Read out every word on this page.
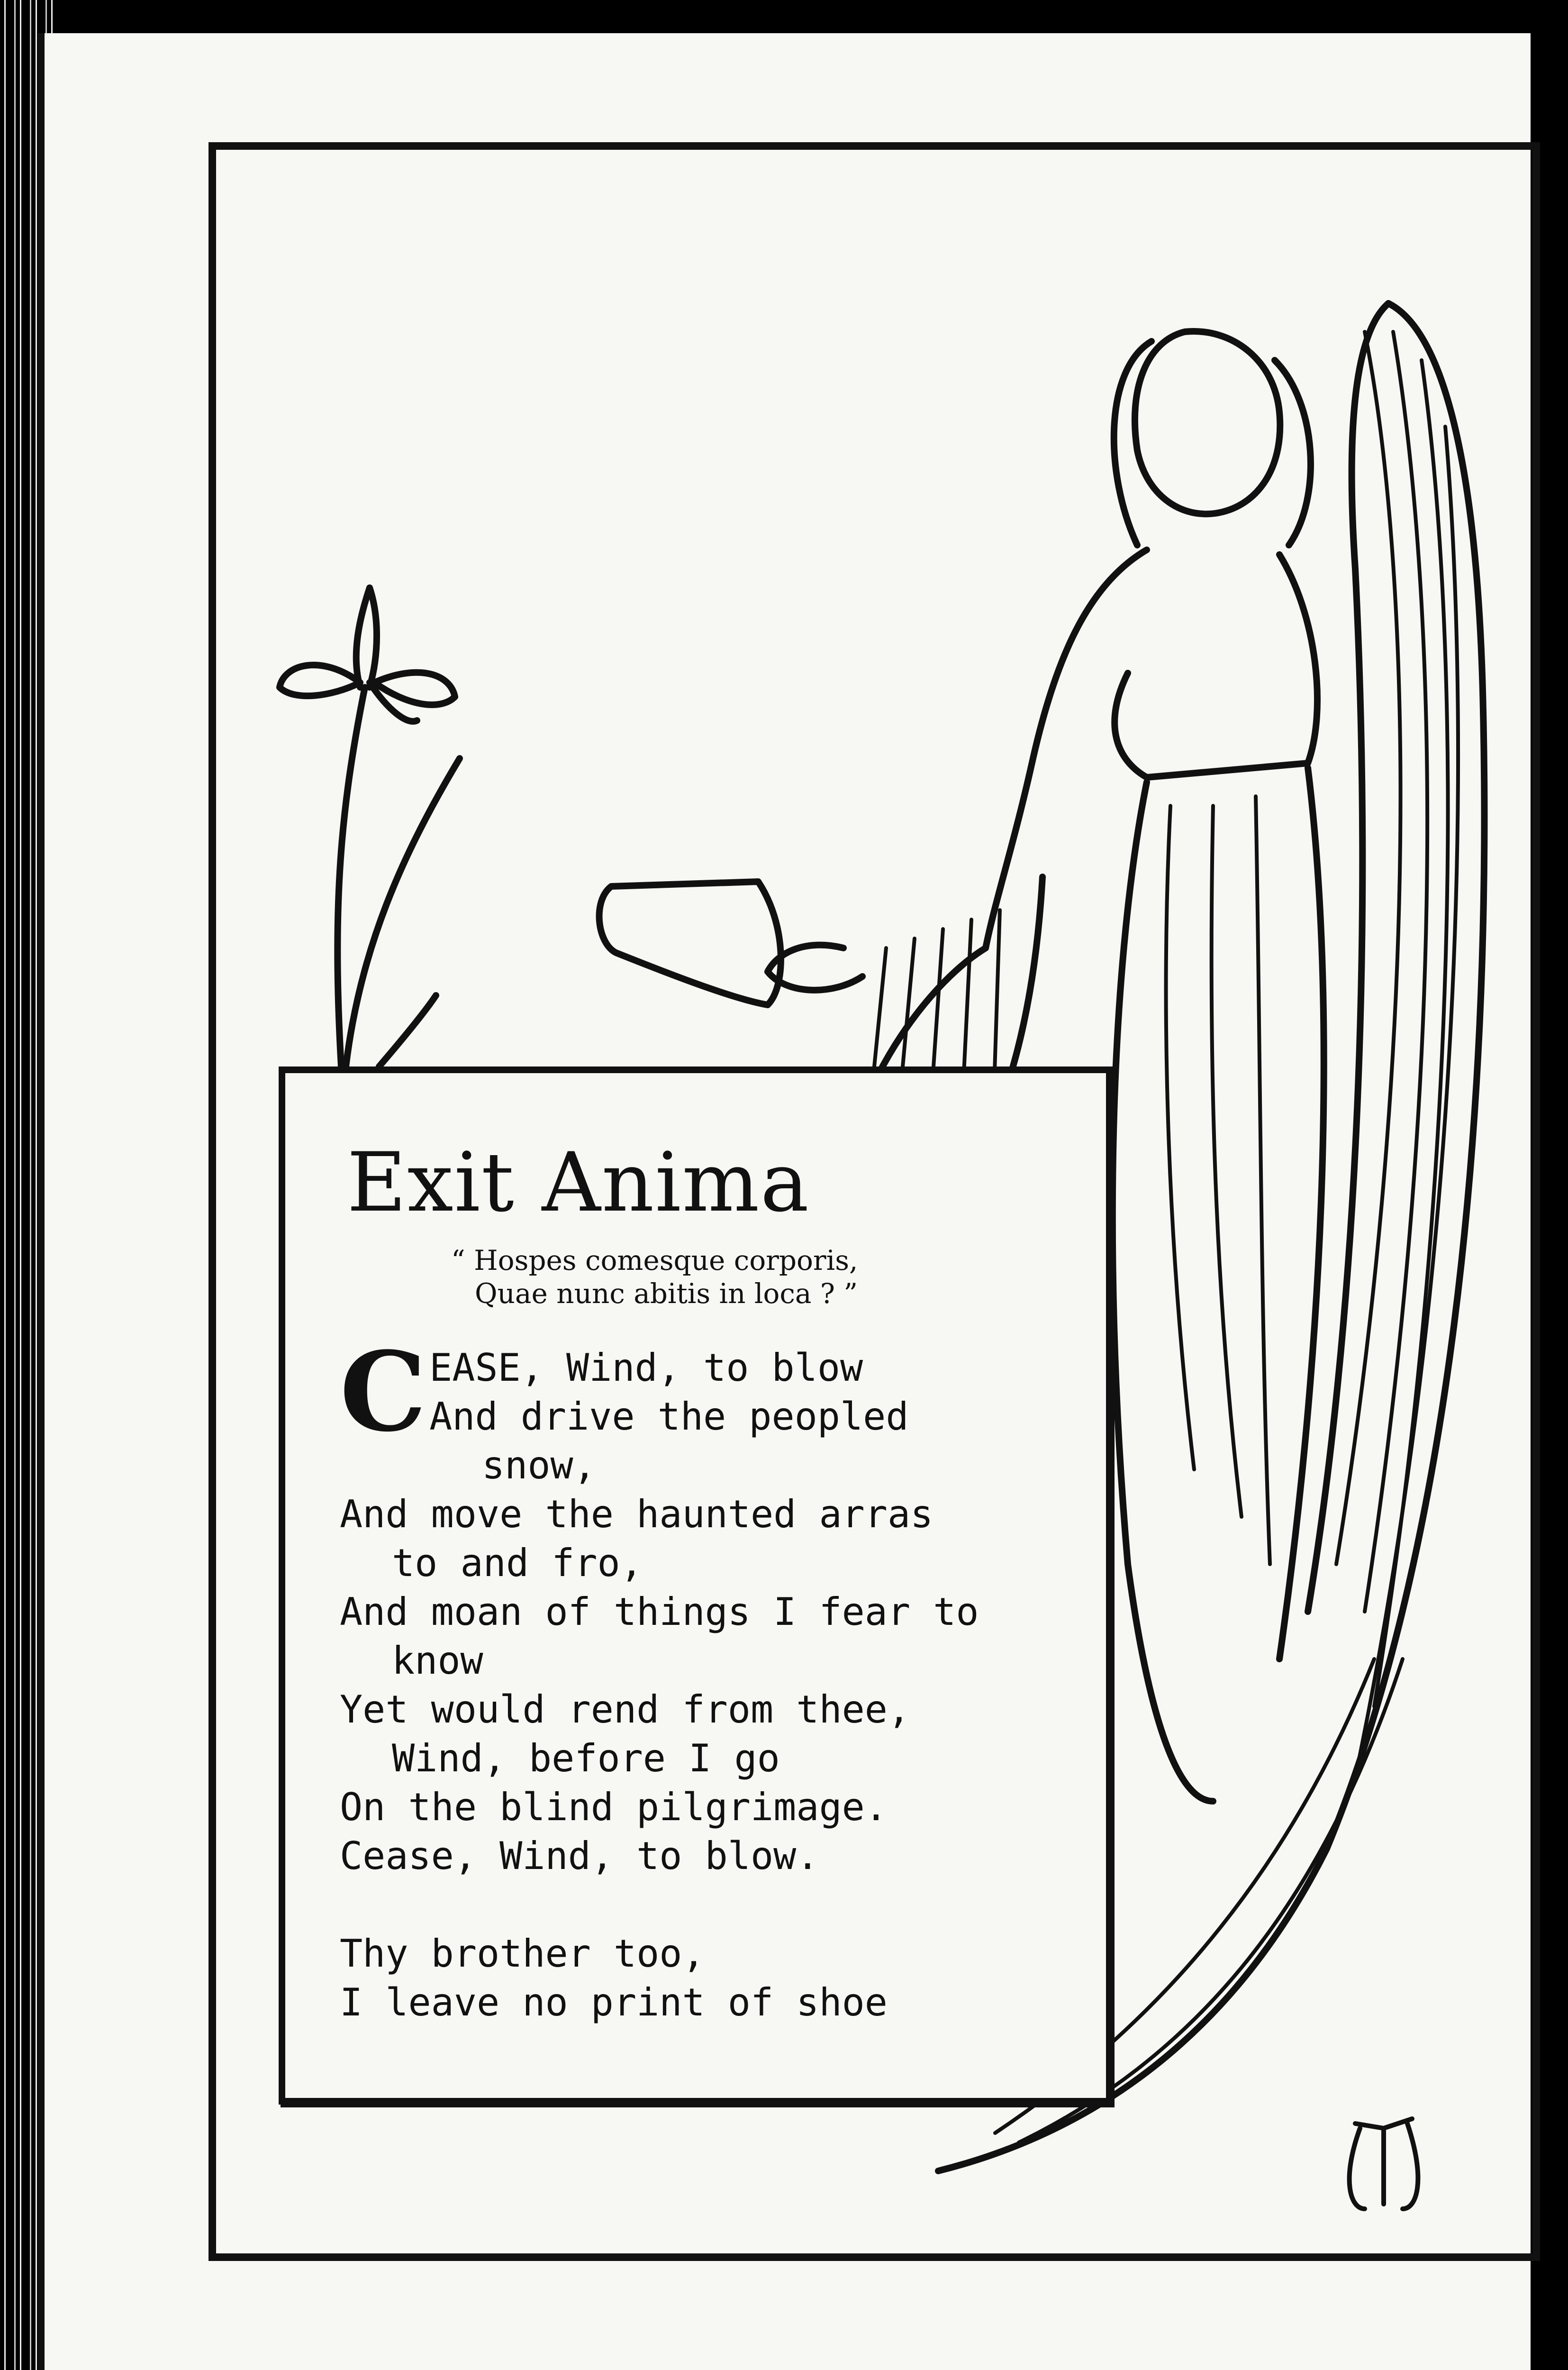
Exit Anima
“ Hospes comesque corporis,
Quae nunc abitis in loca ? ”
C EASE, Wind, to blow
And drive the peopled
snow,
And move the haunted arras
to and fro,
And moan of things I fear to
know
Yet would rend from thee,
Wind, before I go
On the blind pilgrimage.
Cease, Wind, to blow.
Thy brother too,
I leave no print of shoe
